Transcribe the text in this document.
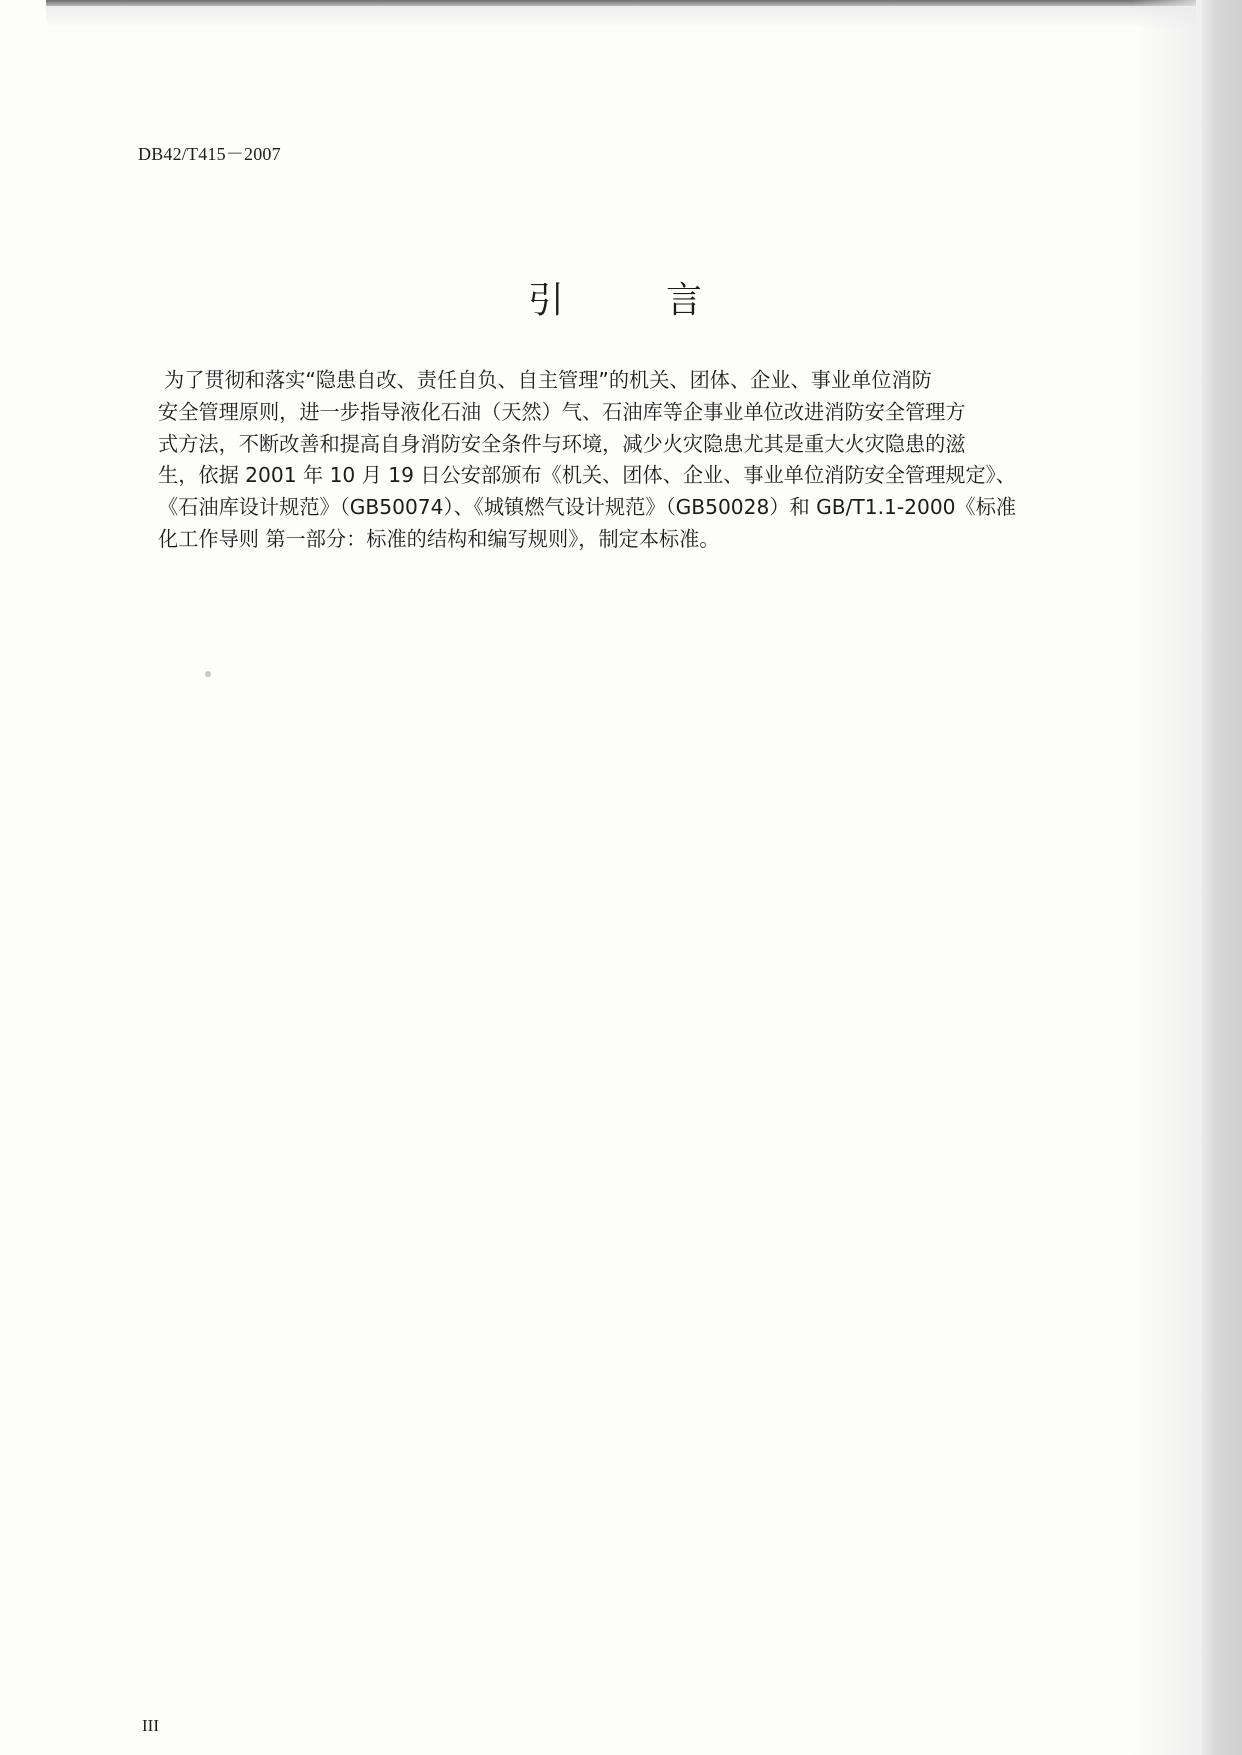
DB42/T415－2007
引	言
为了贯彻和落实“隐患自改、责任自负、自主管理”的机关、团体、企业、事业单位消防
安全管理原则，进一步指导液化石油（天然）气、石油库等企事业单位改进消防安全管理方
式方法，不断改善和提高自身消防安全条件与环境，减少火灾隐患尤其是重大火灾隐患的滋
生，依据 2001 年 10 月 19 日公安部颁布《机关、团体、企业、事业单位消防安全管理规定》、
《石油库设计规范》（GB50074）、《城镇燃气设计规范》（GB50028）和 GB/T1.1-2000《标准
化工作导则 第一部分：标准的结构和编写规则》，制定本标准。
III
